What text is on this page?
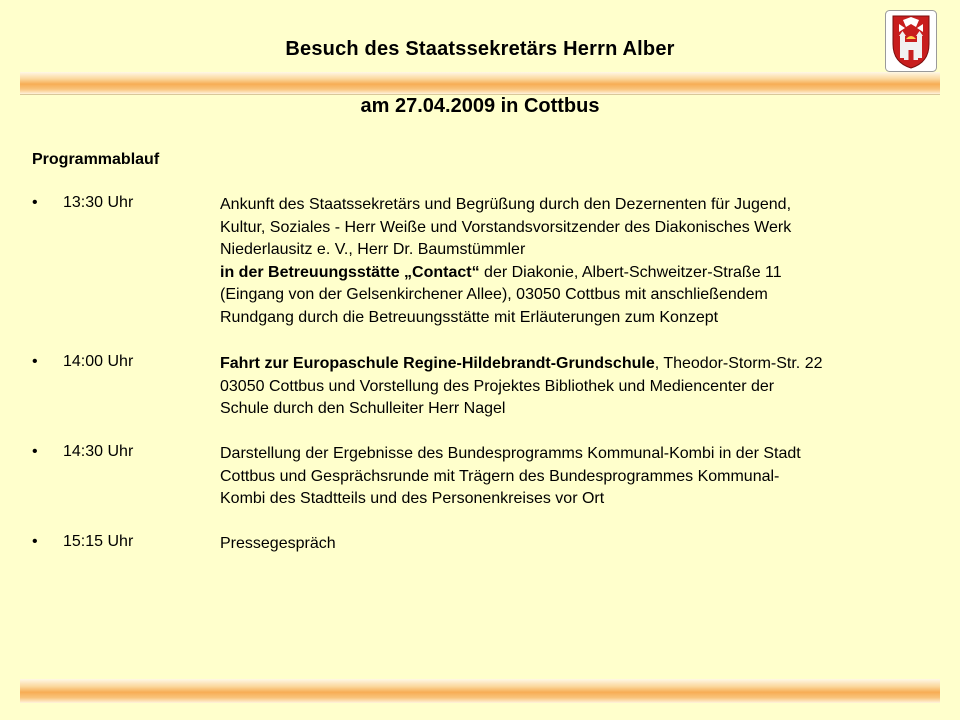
Besuch des Staatssekretärs Herrn Alber
am 27.04.2009 in Cottbus
Programmablauf
• 13:30 Uhr	Ankunft des Staatssekretärs und Begrüßung durch den Dezernenten für Jugend,
Kultur, Soziales - Herr Weiße und Vorstandsvorsitzender des Diakonisches Werk
Niederlausitz e. V., Herr Dr. Baumstümmler
in der Betreuungsstätte „Contact“ der Diakonie, Albert-Schweitzer-Straße 11
(Eingang von der Gelsenkirchener Allee), 03050 Cottbus mit anschließendem
Rundgang durch die Betreuungsstätte mit Erläuterungen zum Konzept
• 14:00 Uhr	Fahrt zur Europaschule Regine-Hildebrandt-Grundschule, Theodor-Storm-Str. 22
03050 Cottbus und Vorstellung des Projektes Bibliothek und Mediencenter der
Schule durch den Schulleiter Herr Nagel
• 14:30 Uhr	Darstellung der Ergebnisse des Bundesprogramms Kommunal-Kombi in der Stadt
Cottbus und Gesprächsrunde mit Trägern des Bundesprogrammes Kommunal-
Kombi des Stadtteils und des Personenkreises vor Ort
• 15:15 Uhr	Pressegespräch
